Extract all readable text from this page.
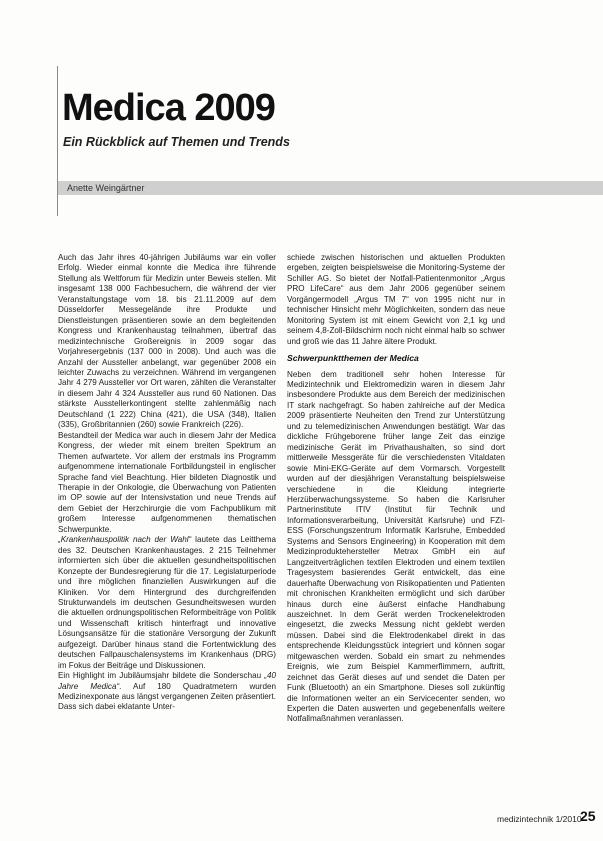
Medica 2009
Ein Rückblick auf Themen und Trends
Anette Weingärtner

Auch das Jahr ihres 40-jährigen Jubiläums war ein voller Erfolg. Wieder einmal konnte die Medica ihre führende Stellung als Weltforum für Medizin unter Beweis stellen. Mit insgesamt 138 000 Fachbesuchern, die während der vier Veranstaltungstage vom 18. bis 21.11.2009 auf dem Düsseldorfer Messegelände ihre Produkte und Dienstleistungen präsentieren sowie an dem begleitenden Kongress und Krankenhaustag teilnahmen, übertraf das medizintechnische Großereignis in 2009 sogar das Vorjahresergebnis (137 000 in 2008). Und auch was die Anzahl der Aussteller anbelangt, war gegenüber 2008 ein leichter Zuwachs zu verzeichnen. Während im vergangenen Jahr 4 279 Aussteller vor Ort waren, zählten die Veranstalter in diesem Jahr 4 324 Aussteller aus rund 60 Nationen. Das stärkste Ausstellerkontingent stellte zahlenmäßig nach Deutschland (1 222) China (421), die USA (348), Italien (335), Großbritannien (260) sowie Frankreich (226).

Bestandteil der Medica war auch in diesem Jahr der Medica Kongress, der wieder mit einem breiten Spektrum an Themen aufwartete. Vor allem der erstmals ins Programm aufgenommene internationale Fortbildungsteil in englischer Sprache fand viel Beachtung. Hier bildeten Diagnostik und Therapie in der Onkologie, die Überwachung von Patienten im OP sowie auf der Intensivstation und neue Trends auf dem Gebiet der Herzchirurgie die vom Fachpublikum mit großem Interesse aufgenommenen thematischen Schwerpunkte.

„Krankenhauspolitik nach der Wahl“ lautete das Leitthema des 32. Deutschen Krankenhaustages. 2 215 Teilnehmer informierten sich über die aktuellen gesundheitspolitischen Konzepte der Bundesregierung für die 17. Legislaturperiode und ihre möglichen finanziellen Auswirkungen auf die Kliniken. Vor dem Hintergrund des durchgreifenden Strukturwandels im deutschen Gesundheitswesen wurden die aktuellen ordnungspolitischen Reformbeiträge von Politik und Wissenschaft kritisch hinterfragt und innovative Lösungsansätze für die stationäre Versorgung der Zukunft aufgezeigt. Darüber hinaus stand die Fortentwicklung des deutschen Fallpauschalensystems im Krankenhaus (DRG) im Fokus der Beiträge und Diskussionen.

Ein Highlight im Jubiläumsjahr bildete die Sonderschau „40 Jahre Medica“. Auf 180 Quadratmetern wurden Medizinexponate aus längst vergangenen Zeiten präsentiert. Dass sich dabei eklatante Unter-

schiede zwischen historischen und aktuellen Produkten ergeben, zeigten beispielsweise die Monitoring-Systeme der Schiller AG. So bietet der Notfall-Patientenmonitor „Argus PRO LifeCare“ aus dem Jahr 2006 gegenüber seinem Vorgängermodell „Argus TM 7“ von 1995 nicht nur in technischer Hinsicht mehr Möglichkeiten, sondern das neue Monitoring System ist mit einem Gewicht von 2,1 kg und seinem 4,8-Zoll-Bildschirm noch nicht einmal halb so schwer und groß wie das 11 Jahre ältere Produkt.

Schwerpunktthemen der Medica

Neben dem traditionell sehr hohen Interesse für Medizintechnik und Elektromedizin waren in diesem Jahr insbesondere Produkte aus dem Bereich der medizinischen IT stark nachgefragt. So haben zahlreiche auf der Medica 2009 präsentierte Neuheiten den Trend zur Unterstützung und zu telemedizinischen Anwendungen bestätigt. War das dickliche Frühgeborene früher lange Zeit das einzige medizinische Gerät im Privathaushalten, so sind dort mittlerweile Messgeräte für die verschiedensten Vitaldaten sowie Mini-EKG-Geräte auf dem Vormarsch. Vorgestellt wurden auf der diesjährigen Veranstaltung beispielsweise verschiedene in die Kleidung integrierte Herzüberwachungssysteme. So haben die Karlsruher Partnerinstitute ITIV (Institut für Technik und Informationsverarbeitung, Universität Karlsruhe) und FZI-ESS (Forschungszentrum Informatik Karlsruhe, Embedded Systems and Sensors Engineering) in Kooperation mit dem Medizinproduktehersteller Metrax GmbH ein auf Langzeitverträglichen textilen Elektroden und einem textilen Tragesystem basierendes Gerät entwickelt, das eine dauerhafte Überwachung von Risikopatienten und Patienten mit chronischen Krankheiten ermöglicht und sich darüber hinaus durch eine äußerst einfache Handhabung auszeichnet. In dem Gerät werden Trockenelektroden eingesetzt, die zwecks Messung nicht geklebt werden müssen. Dabei sind die Elektrodenkabel direkt in das entsprechende Kleidungsstück integriert und können sogar mitgewaschen werden. Sobald ein smart zu nehmendes Ereignis, wie zum Beispiel Kammerflimmern, auftritt, zeichnet das Gerät dieses auf und sendet die Daten per Funk (Bluetooth) an ein Smartphone. Dieses soll zukünftig die Informationen weiter an ein Servicecenter senden, wo Experten die Daten auswerten und gegebenenfalls weitere Notfallmaßnahmen veranlassen.

medizintechnik 1/2010
25
